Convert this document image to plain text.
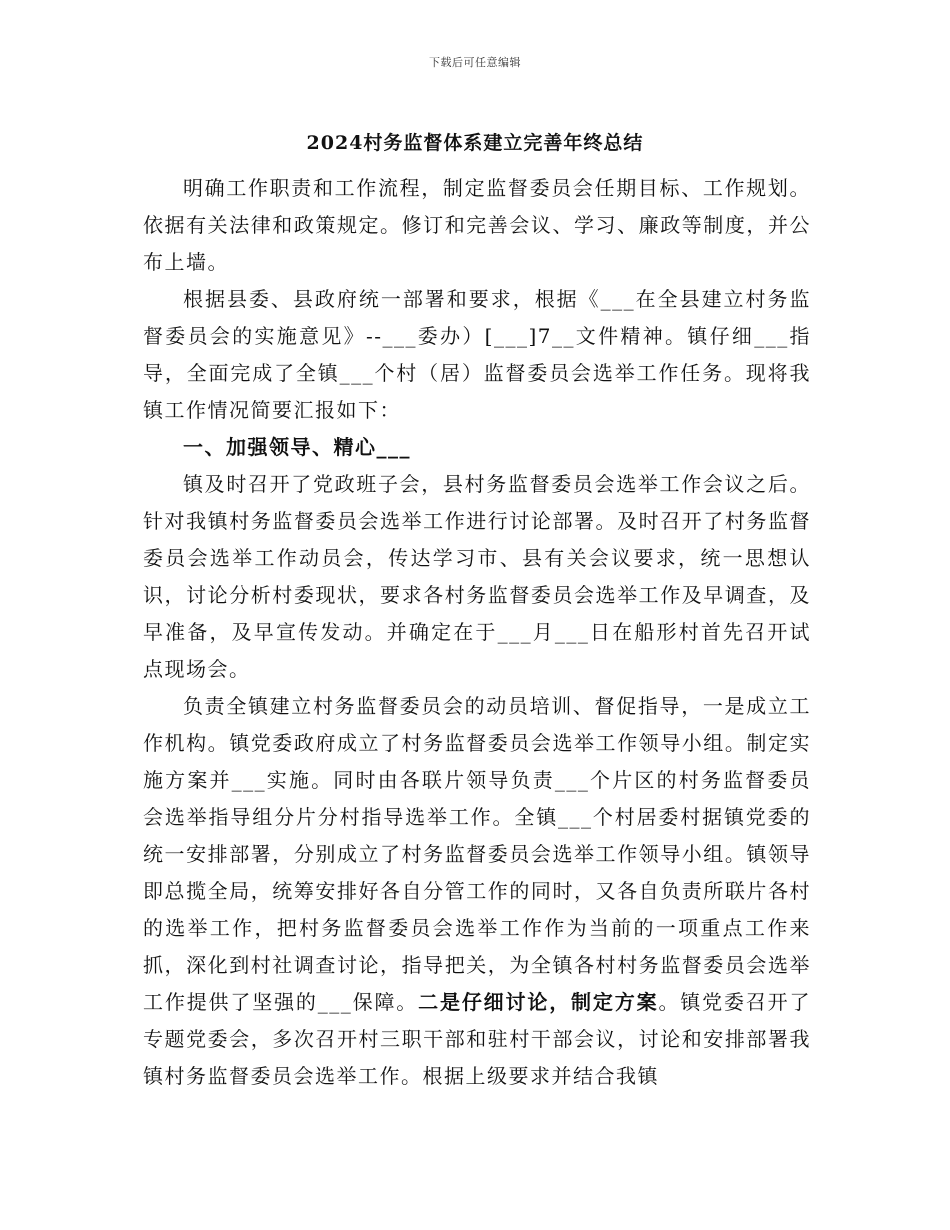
下载后可任意编辑
2024村务监督体系建立完善年终总结

明确工作职责和工作流程，制定监督委员会任期目标、工作规划。依据有关法律和政策规定。修订和完善会议、学习、廉政等制度，并公布上墙。

根据县委、县政府统一部署和要求，根据《___在全县建立村务监督委员会的实施意见》--___委办）[___]7__文件精神。镇仔细___指导，全面完成了全镇___个村（居）监督委员会选举工作任务。现将我镇工作情况简要汇报如下：

一、加强领导、精心___

镇及时召开了党政班子会，县村务监督委员会选举工作会议之后。针对我镇村务监督委员会选举工作进行讨论部署。及时召开了村务监督委员会选举工作动员会，传达学习市、县有关会议要求，统一思想认识，讨论分析村委现状，要求各村务监督委员会选举工作及早调查，及早准备，及早宣传发动。并确定在于___月___日在船形村首先召开试点现场会。

负责全镇建立村务监督委员会的动员培训、督促指导，一是成立工作机构。镇党委政府成立了村务监督委员会选举工作领导小组。制定实施方案并___实施。同时由各联片领导负责___个片区的村务监督委员会选举指导组分片分村指导选举工作。全镇___个村居委村据镇党委的统一安排部署，分别成立了村务监督委员会选举工作领导小组。镇领导即总揽全局，统筹安排好各自分管工作的同时，又各自负责所联片各村的选举工作，把村务监督委员会选举工作作为当前的一项重点工作来抓，深化到村社调查讨论，指导把关，为全镇各村村务监督委员会选举工作提供了坚强的___保障。二是仔细讨论，制定方案。镇党委召开了专题党委会，多次召开村三职干部和驻村干部会议，讨论和安排部署我镇村务监督委员会选举工作。根据上级要求并结合我镇
